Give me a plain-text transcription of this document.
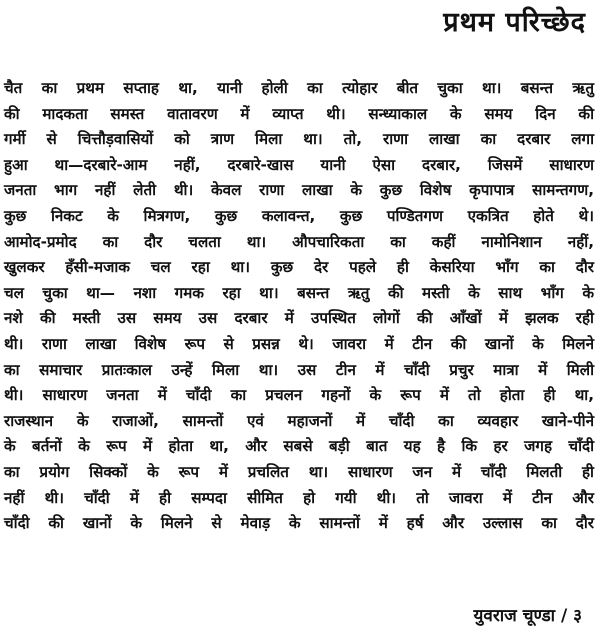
प्रथम परिच्छेद
चैत का प्रथम सप्ताह था, यानी होली का त्योहार बीत चुका था। बसन्त ऋतु
की मादकता समस्त वातावरण में व्याप्त थी। सन्ध्याकाल के समय दिन की
गर्मी से चित्तौड़वासियों को त्राण मिला था। तो, राणा लाखा का दरबार लगा
हुआ था—दरबारे-आम नहीं, दरबारे-खास यानी ऐसा दरबार, जिसमें साधारण
जनता भाग नहीं लेती थी। केवल राणा लाखा के कुछ विशेष कृपापात्र सामन्तगण,
कुछ निकट के मित्रगण, कुछ कलावन्त, कुछ पण्डितगण एकत्रित होते थे।
आमोद-प्रमोद का दौर चलता था। औपचारिकता का कहीं नामोनिशान नहीं,
खुलकर हँसी-मजाक चल रहा था। कुछ देर पहले ही केसरिया भाँग का दौर
चल चुका था— नशा गमक रहा था। बसन्त ऋतु की मस्ती के साथ भाँग के
नशे की मस्ती उस समय उस दरबार में उपस्थित लोगों की आँखों में झलक रही
थी। राणा लाखा विशेष रूप से प्रसन्न थे। जावरा में टीन की खानों के मिलने
का समाचार प्रातःकाल उन्हें मिला था। उस टीन में चाँदी प्रचुर मात्रा में मिली
थी। साधारण जनता में चाँदी का प्रचलन गहनों के रूप में तो होता ही था,
राजस्थान के राजाओं, सामन्तों एवं महाजनों में चाँदी का व्यवहार खाने-पीने
के बर्तनों के रूप में होता था, और सबसे बड़ी बात यह है कि हर जगह चाँदी
का प्रयोग सिक्कों के रूप में प्रचलित था। साधारण जन में चाँदी मिलती ही
नहीं थी। चाँदी में ही सम्पदा सीमित हो गयी थी। तो जावरा में टीन और
चाँदी की खानों के मिलने से मेवाड़ के सामन्तों में हर्ष और उल्लास का दौर
युवराज चूण्डा / ३
